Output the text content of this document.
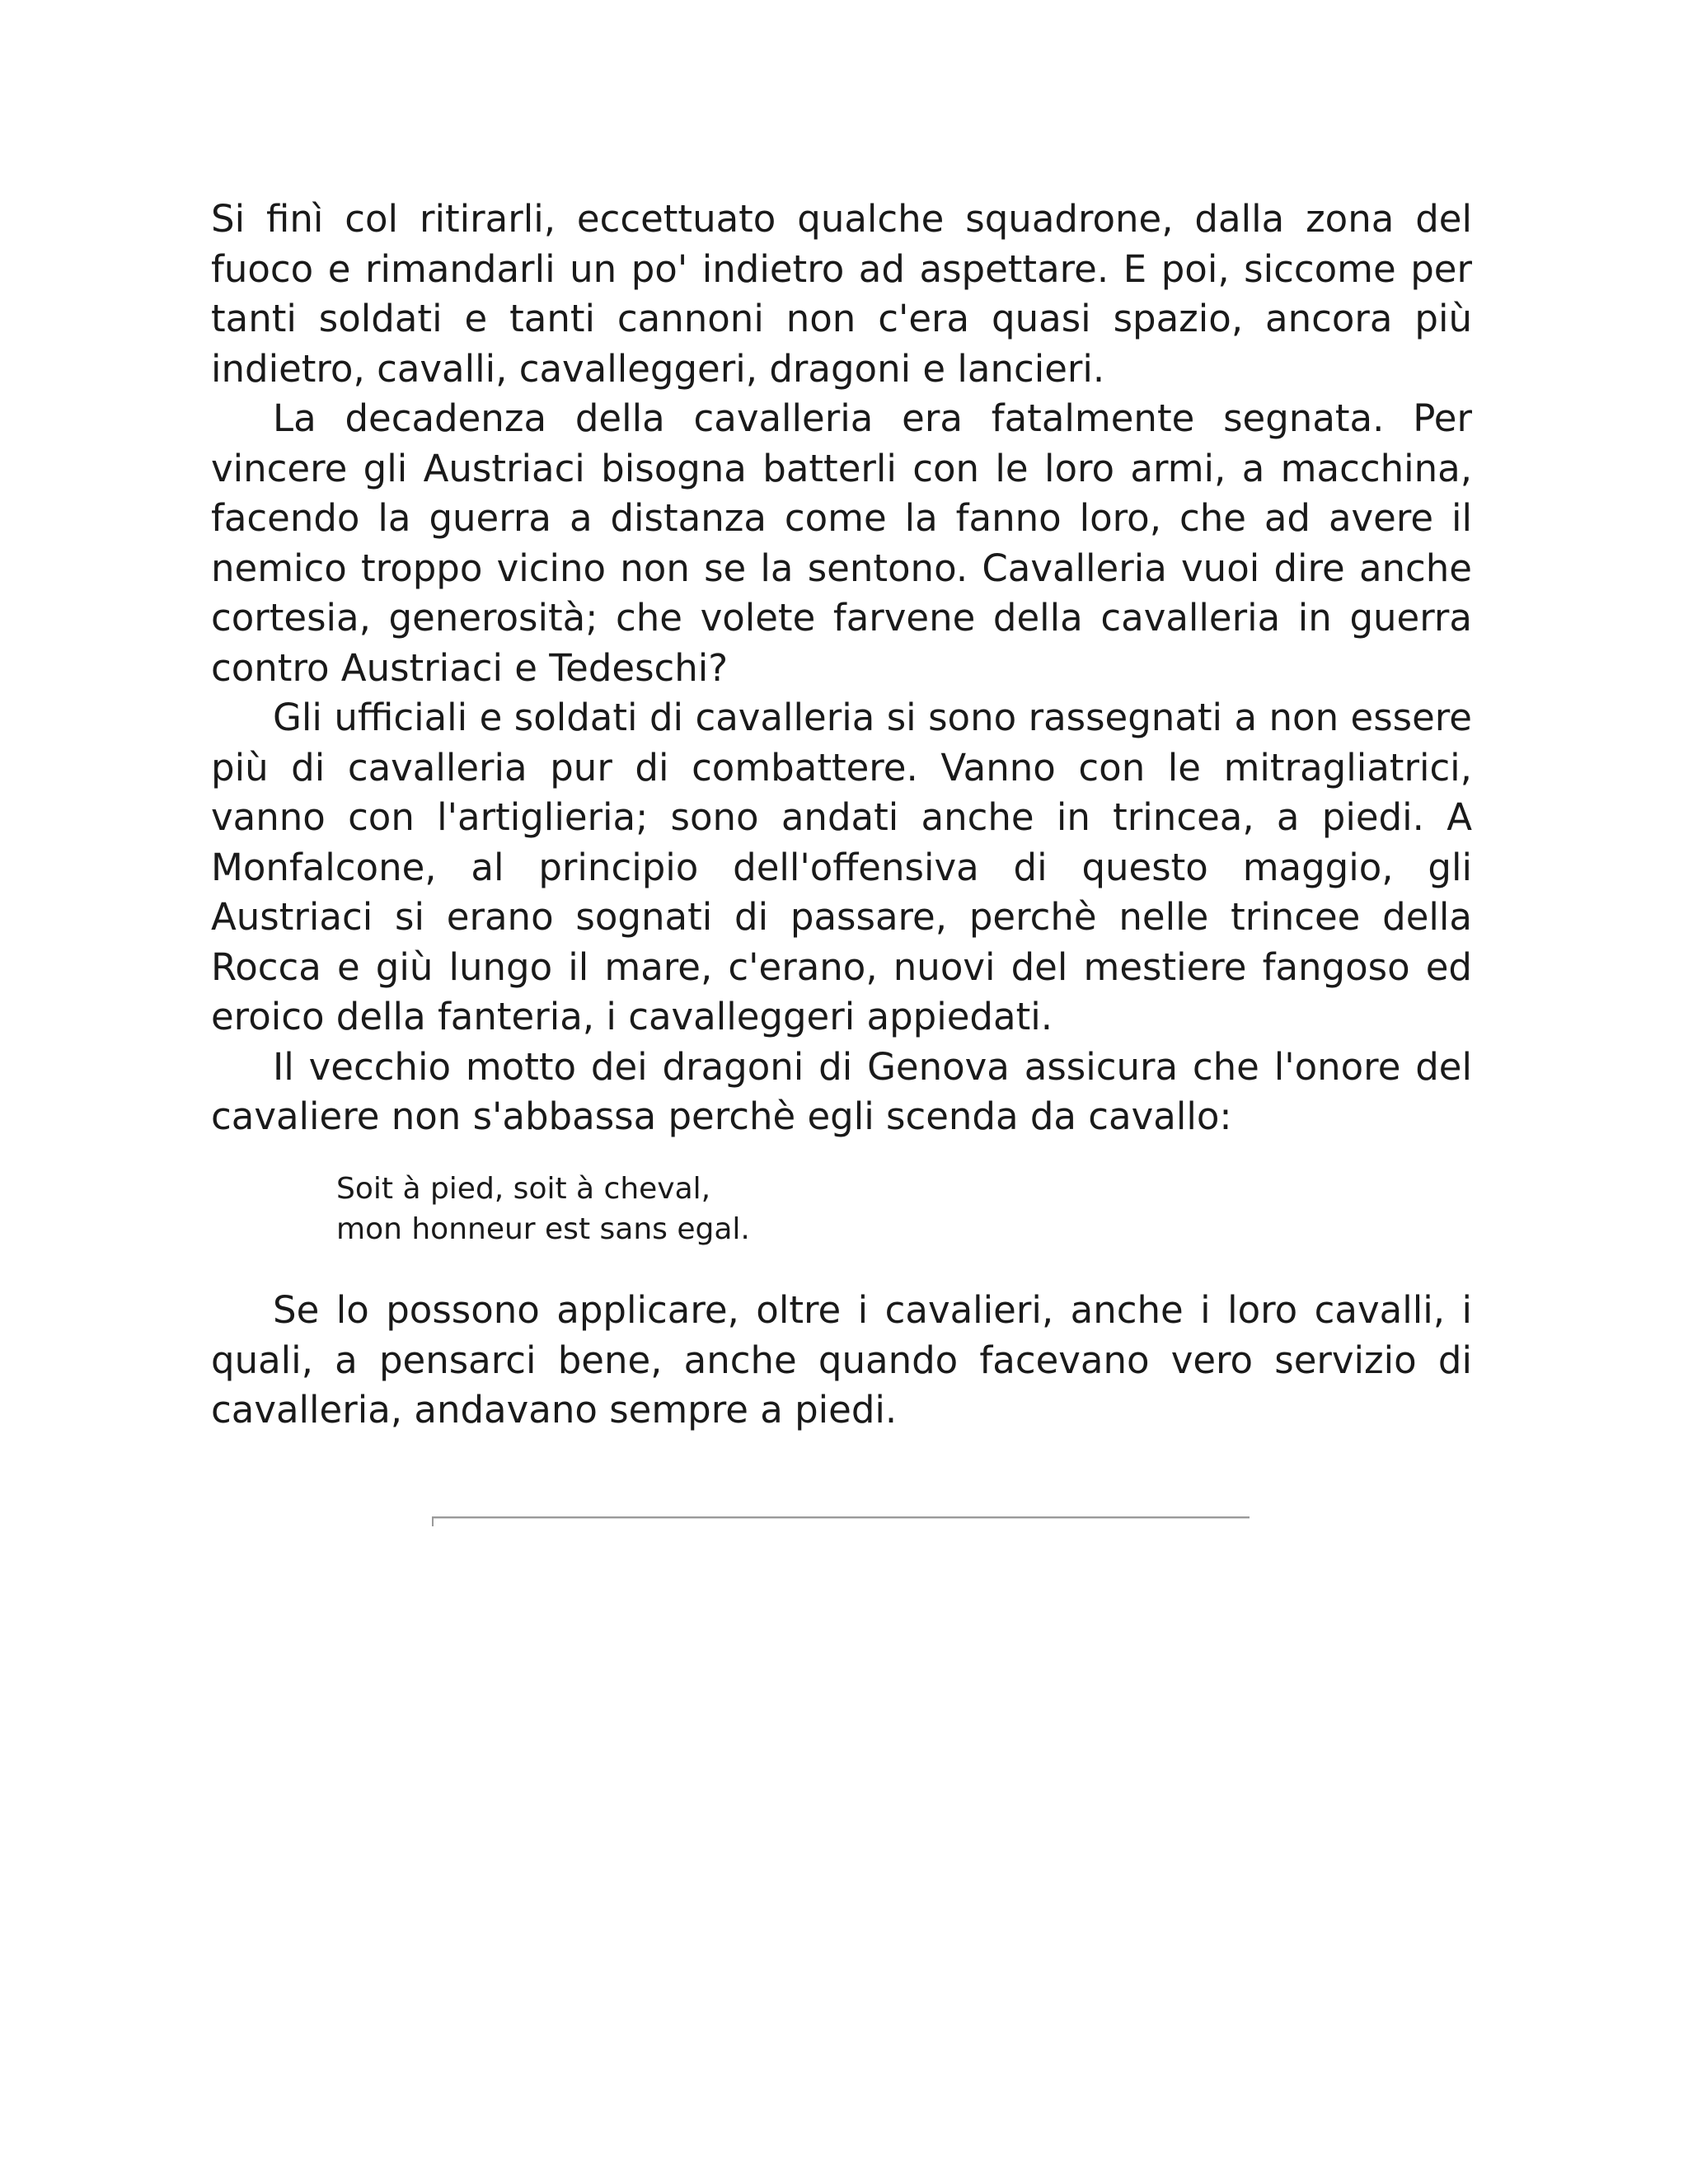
Si finì col ritirarli, eccettuato qualche squadrone, dalla zona del fuoco e rimandarli un po' indietro ad aspettare. E poi, siccome per tanti soldati e tanti cannoni non c'era quasi spazio, ancora più indietro, cavalli, cavalleggeri, dragoni e lancieri.

La decadenza della cavalleria era fatalmente segnata. Per vincere gli Austriaci bisogna batterli con le loro armi, a macchina, facendo la guerra a distanza come la fanno loro, che ad avere il nemico troppo vicino non se la sentono. Cavalleria vuoi dire anche cortesia, generosità; che volete farvene della cavalleria in guerra contro Austriaci e Tedeschi?

Gli ufficiali e soldati di cavalleria si sono rassegnati a non essere più di cavalleria pur di combattere. Vanno con le mitragliatrici, vanno con l'artiglieria; sono andati anche in trincea, a piedi. A Monfalcone, al principio dell'offensiva di questo maggio, gli Austriaci si erano sognati di passare, perchè nelle trincee della Rocca e giù lungo il mare, c'erano, nuovi del mestiere fangoso ed eroico della fanteria, i cavalleggeri appiedati.

Il vecchio motto dei dragoni di Genova assicura che l'onore del cavaliere non s'abbassa perchè egli scenda da cavallo:

Soit à pied, soit à cheval,
mon honneur est sans egal.

Se lo possono applicare, oltre i cavalieri, anche i loro cavalli, i quali, a pensarci bene, anche quando facevano vero servizio di cavalleria, andavano sempre a piedi.
